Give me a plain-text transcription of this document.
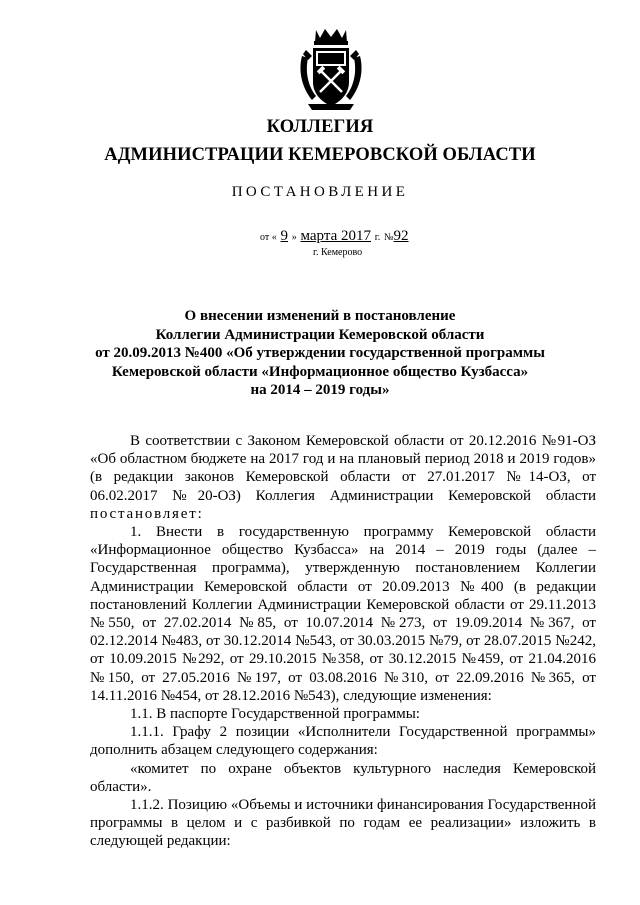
КОЛЛЕГИЯ
АДМИНИСТРАЦИИ КЕМЕРОВСКОЙ ОБЛАСТИ
ПОСТАНОВЛЕНИЕ
от « 9 » марта 2017 г. №92
г. Кемерово
О внесении изменений в постановление
Коллегии Администрации Кемеровской области
от 20.09.2013 №400 «Об утверждении государственной программы
Кемеровской области «Информационное общество Кузбасса»
на 2014 – 2019 годы»

В соответствии с Законом Кемеровской области от 20.12.2016 №91-ОЗ «Об областном бюджете на 2017 год и на плановый период 2018 и 2019 годов» (в редакции законов Кемеровской области от 27.01.2017 №14-ОЗ, от 06.02.2017 №20-ОЗ) Коллегия Администрации Кемеровской области постановляет:

1. Внести в государственную программу Кемеровской области «Информационное общество Кузбасса» на 2014 – 2019 годы (далее – Государственная программа), утвержденную постановлением Коллегии Администрации Кемеровской области от 20.09.2013 №400 (в редакции постановлений Коллегии Администрации Кемеровской области от 29.11.2013 №550, от 27.02.2014 №85, от 10.07.2014 №273, от 19.09.2014 №367, от 02.12.2014 №483, от 30.12.2014 №543, от 30.03.2015 №79, от 28.07.2015 №242, от 10.09.2015 №292, от 29.10.2015 №358, от 30.12.2015 №459, от 21.04.2016 №150, от 27.05.2016 №197, от 03.08.2016 №310, от 22.09.2016 №365, от 14.11.2016 №454, от 28.12.2016 №543), следующие изменения:

1.1. В паспорте Государственной программы:

1.1.1. Графу 2 позиции «Исполнители Государственной программы» дополнить абзацем следующего содержания:

«комитет по охране объектов культурного наследия Кемеровской области».

1.1.2. Позицию «Объемы и источники финансирования Государственной программы в целом и с разбивкой по годам ее реализации» изложить в следующей редакции:
